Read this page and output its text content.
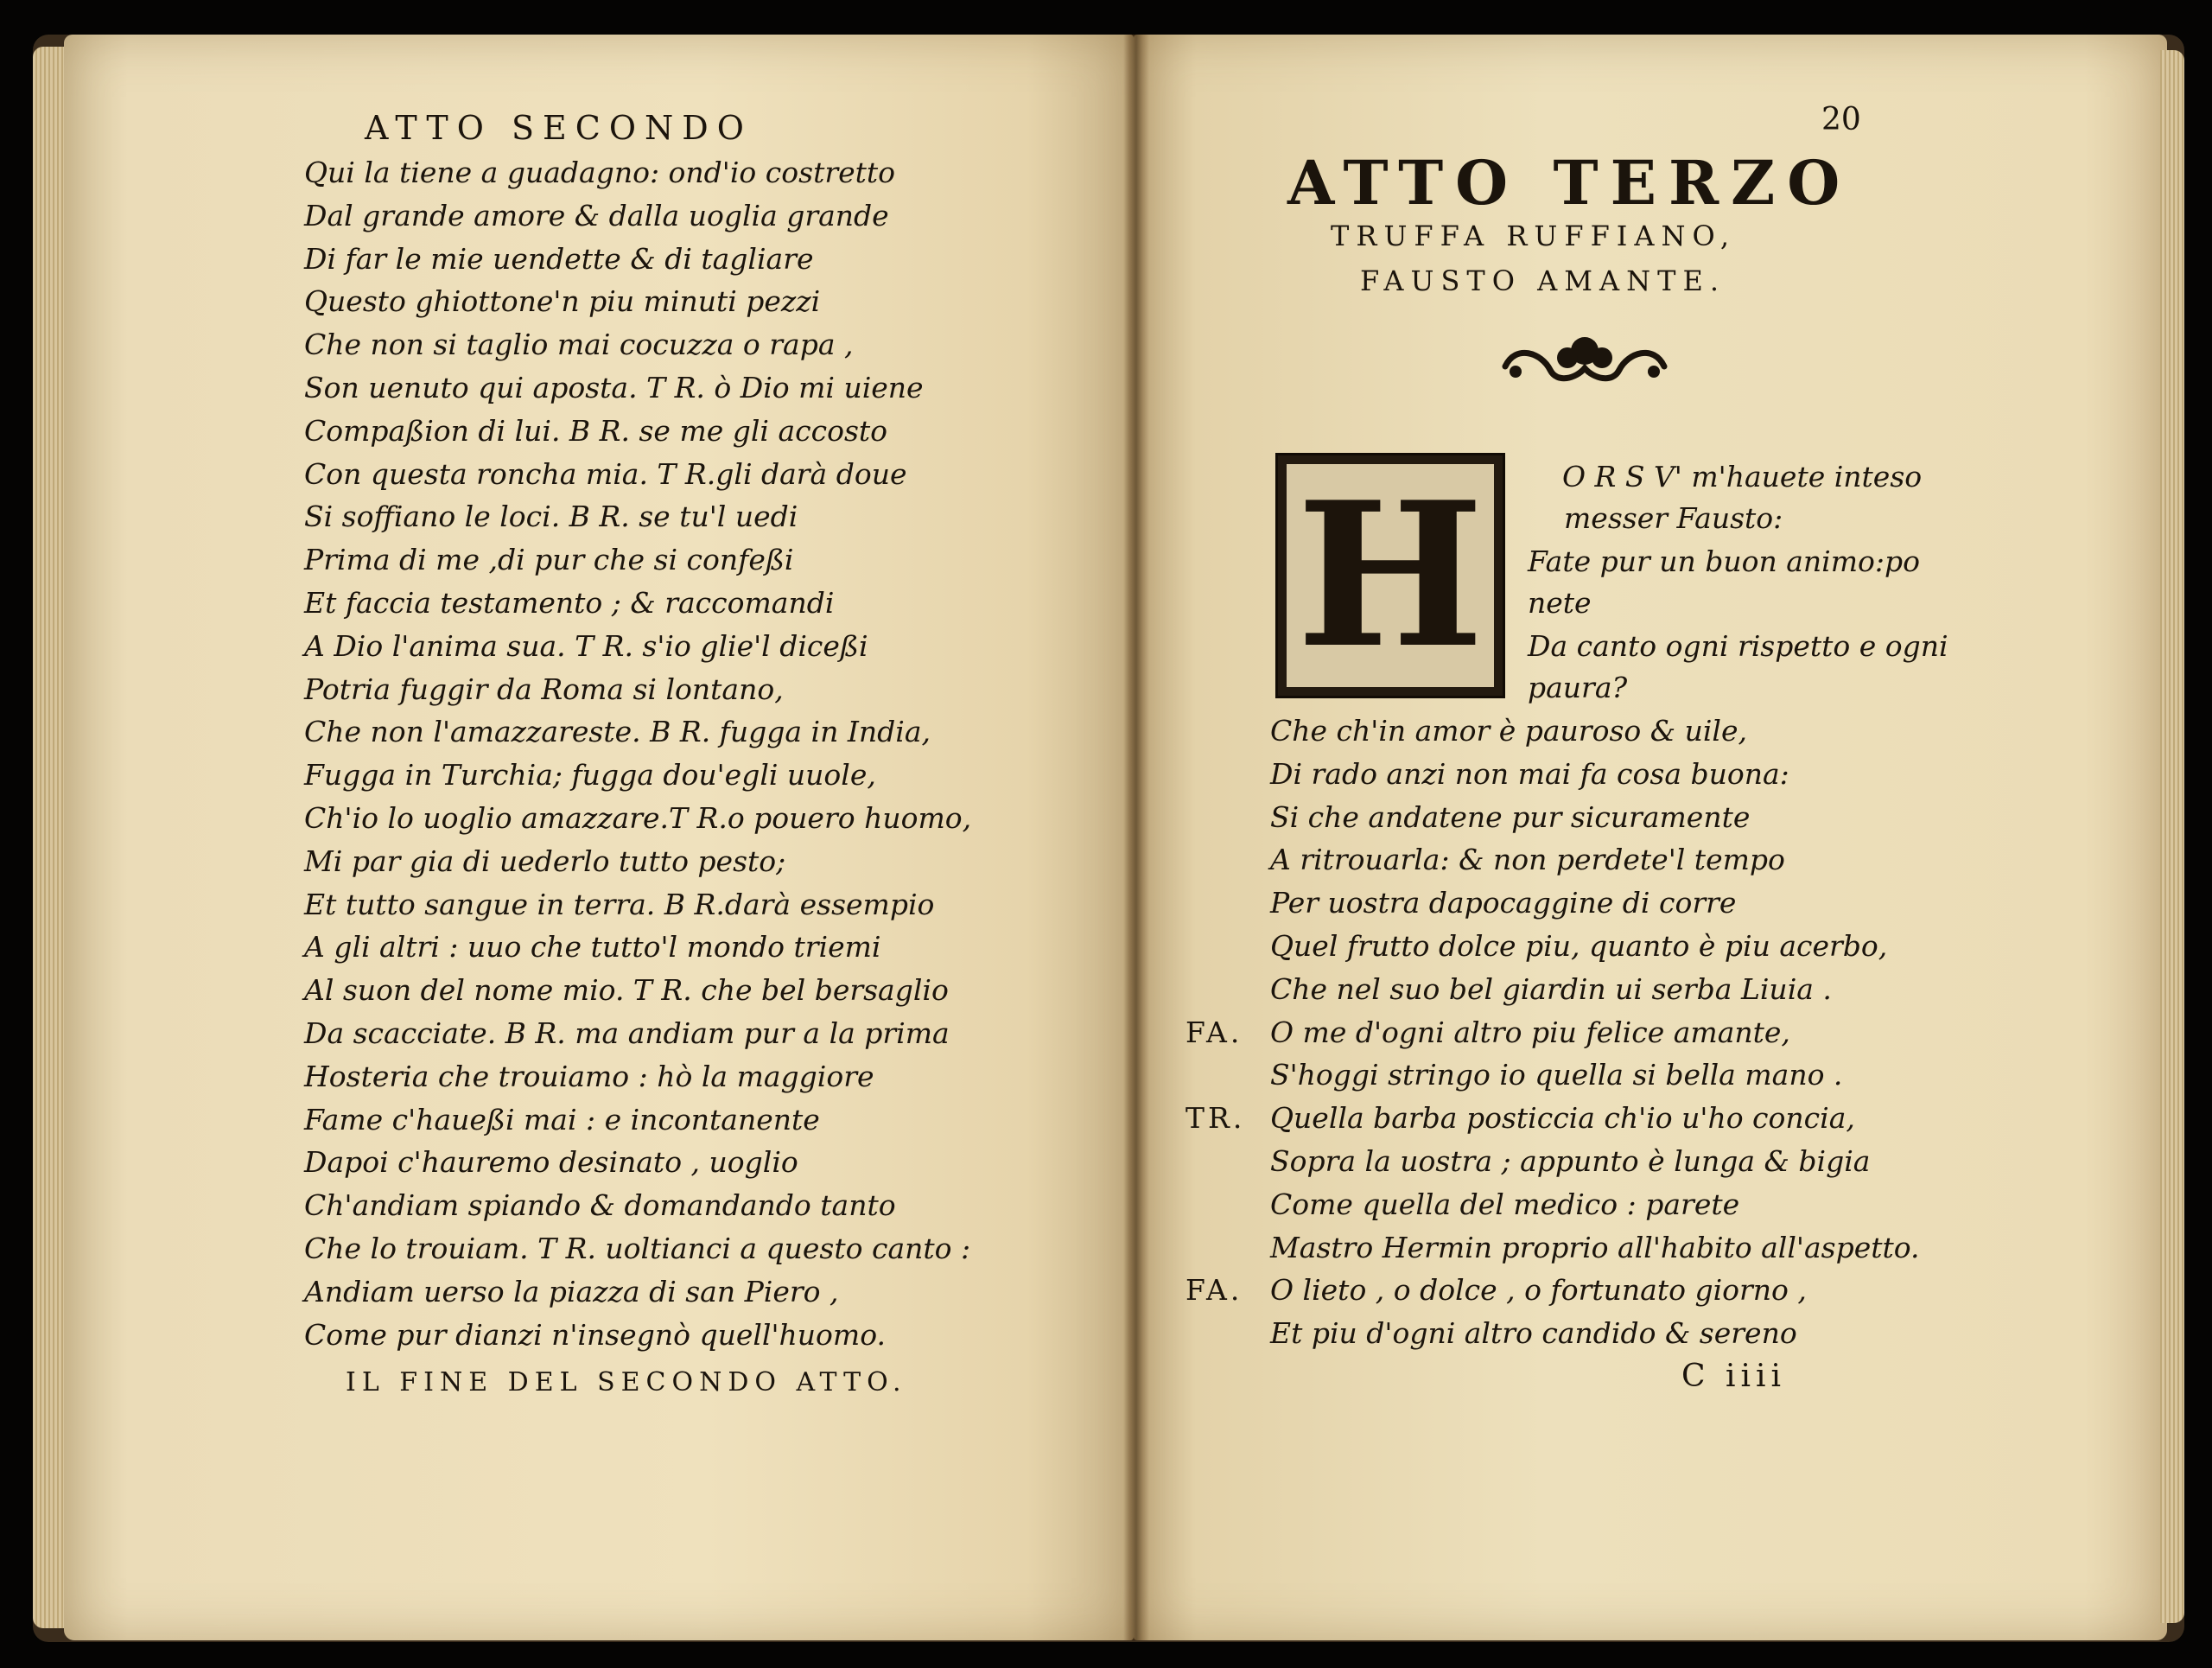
ATTO SECONDO
Qui la tiene a guadagno: ond'io costretto
Dal grande amore & dalla uoglia grande
Di far le mie uendette & di tagliare
Questo ghiottone'n piu minuti pezzi
Che non si taglio mai cocuzza o rapa ,
Son uenuto qui aposta. T R. ò Dio mi uiene
Compaßion di lui. B R. se me gli accosto
Con questa roncha mia. T R.gli darà doue
Si soffiano le loci. B R. se tu'l uedi
Prima di me ,di pur che si confeßi
Et faccia testamento ; & raccomandi
A Dio l'anima sua. T R. s'io glie'l diceßi
Potria fuggir da Roma si lontano,
Che non l'amazzareste. B R. fugga in India,
Fugga in Turchia; fugga dou'egli uuole,
Ch'io lo uoglio amazzare.T R.o pouero huomo,
Mi par gia di uederlo tutto pesto;
Et tutto sangue in terra. B R.darà essempio
A gli altri : uuo che tutto'l mondo triemi
Al suon del nome mio. T R. che bel bersaglio
Da scacciate. B R. ma andiam pur a la prima
Hosteria che trouiamo : hò la maggiore
Fame c'haueßi mai : e incontanente
Dapoi c'hauremo desinato , uoglio
Ch'andiam spiando & domandando tanto
Che lo trouiam. T R. uoltianci a questo canto :
Andiam uerso la piazza di san Piero ,
Come pur dianzi n'insegnò quell'huomo.
IL FINE DEL SECONDO ATTO.
20
ATTO TERZO
TRUFFA RUFFIANO,
FAUSTO AMANTE.
H	O R S V' m'hauete inteso
messer Fausto:
Fate pur un buon animo:po
nete
Da canto ogni rispetto e ogni
paura?
Che ch'in amor è pauroso & uile,
Di rado anzi non mai fa cosa buona:
Si che andatene pur sicuramente
A ritrouarla: & non perdete'l tempo
Per uostra dapocaggine di corre
Quel frutto dolce piu, quanto è piu acerbo,
Che nel suo bel giardin ui serba Liuia .
FA. O me d'ogni altro piu felice amante,
S'hoggi stringo io quella si bella mano .
TR. Quella barba posticcia ch'io u'ho concia,
Sopra la uostra ; appunto è lunga & bigia
Come quella del medico : parete
Mastro Hermin proprio all'habito all'aspetto.
FA. O lieto , o dolce , o fortunato giorno ,
Et piu d'ogni altro candido & sereno
C iiii
